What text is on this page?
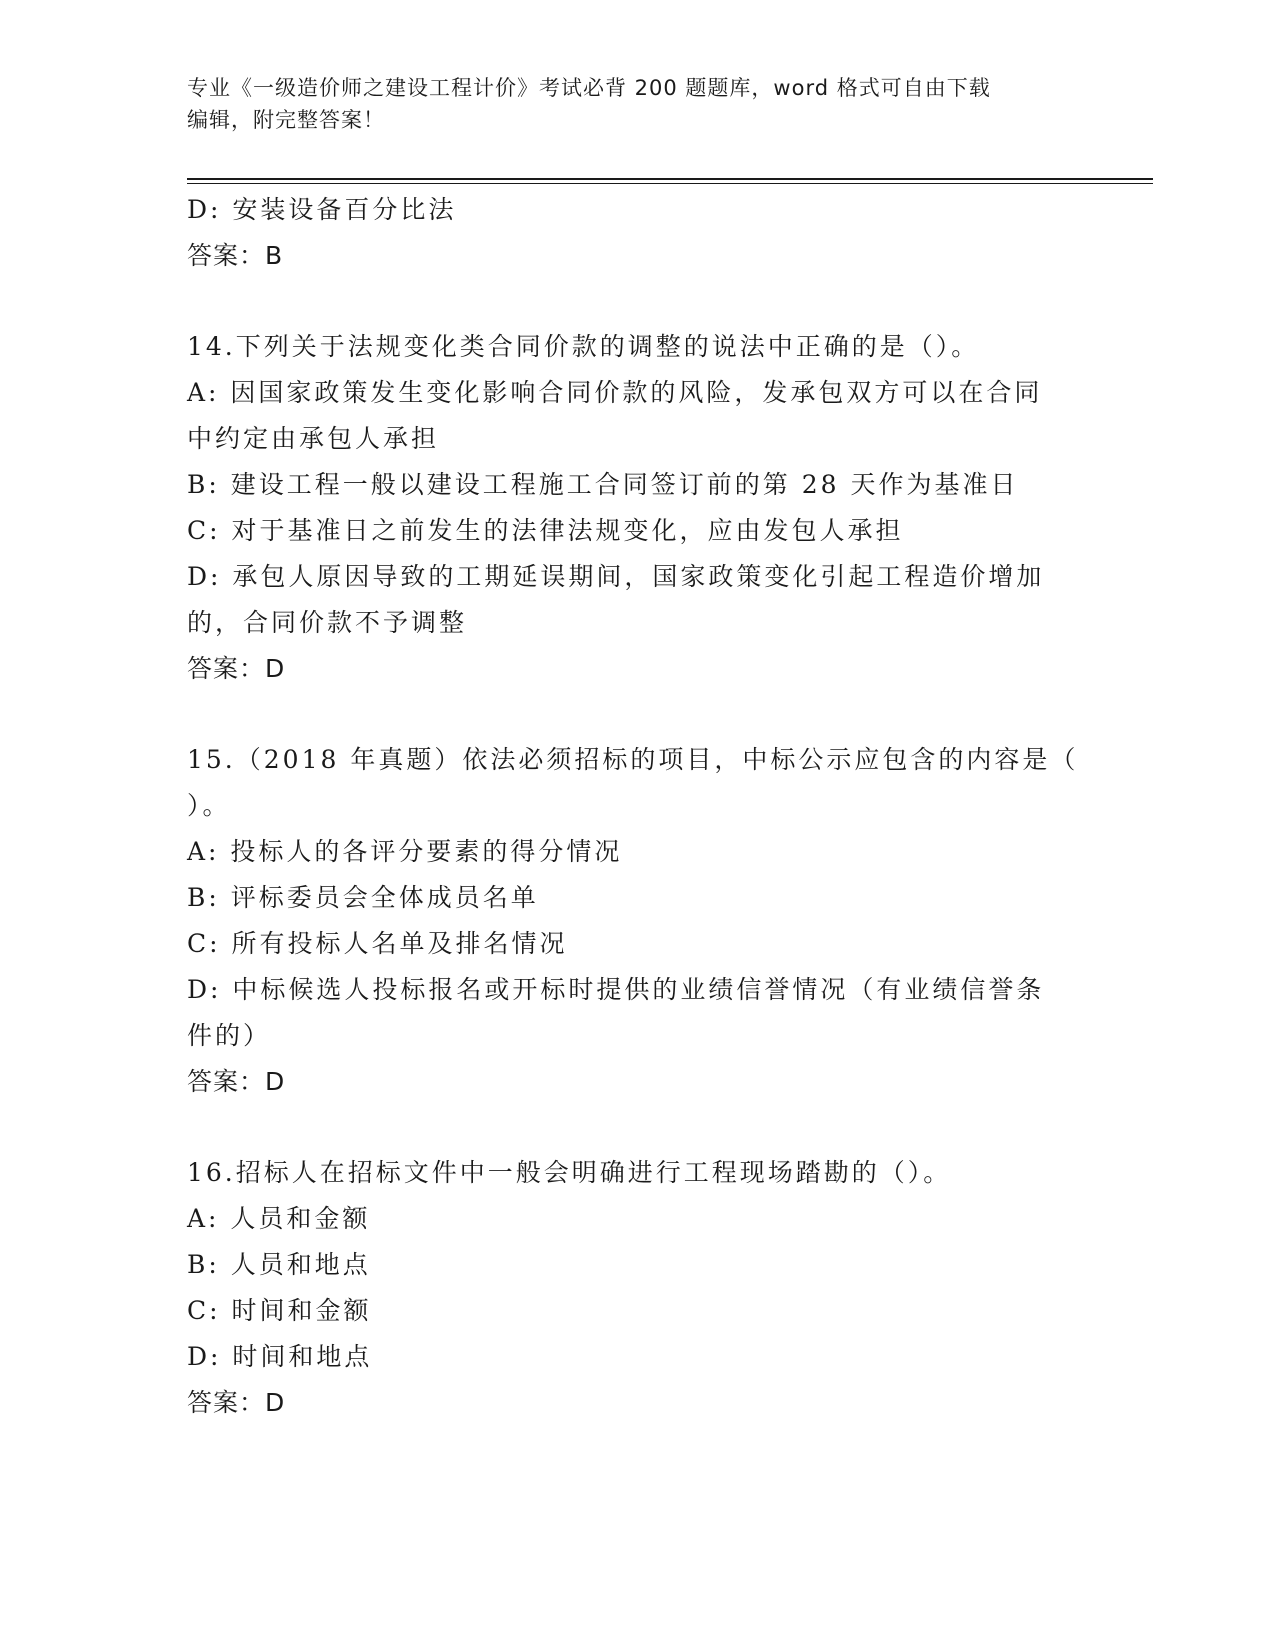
专业《一级造价师之建设工程计价》考试必背 200 题题库，word 格式可自由下载
编辑，附完整答案！
D: 安装设备百分比法
答案：B
14.下列关于法规变化类合同价款的调整的说法中正确的是（）。
A: 因国家政策发生变化影响合同价款的风险，发承包双方可以在合同
中约定由承包人承担
B: 建设工程一般以建设工程施工合同签订前的第 28 天作为基准日
C: 对于基准日之前发生的法律法规变化，应由发包人承担
D: 承包人原因导致的工期延误期间，国家政策变化引起工程造价增加
的，合同价款不予调整
答案：D
15.（2018 年真题）依法必须招标的项目，中标公示应包含的内容是（
）。
A: 投标人的各评分要素的得分情况
B: 评标委员会全体成员名单
C: 所有投标人名单及排名情况
D: 中标候选人投标报名或开标时提供的业绩信誉情况（有业绩信誉条
件的）
答案：D
16.招标人在招标文件中一般会明确进行工程现场踏勘的（）。
A: 人员和金额
B: 人员和地点
C: 时间和金额
D: 时间和地点
答案：D
